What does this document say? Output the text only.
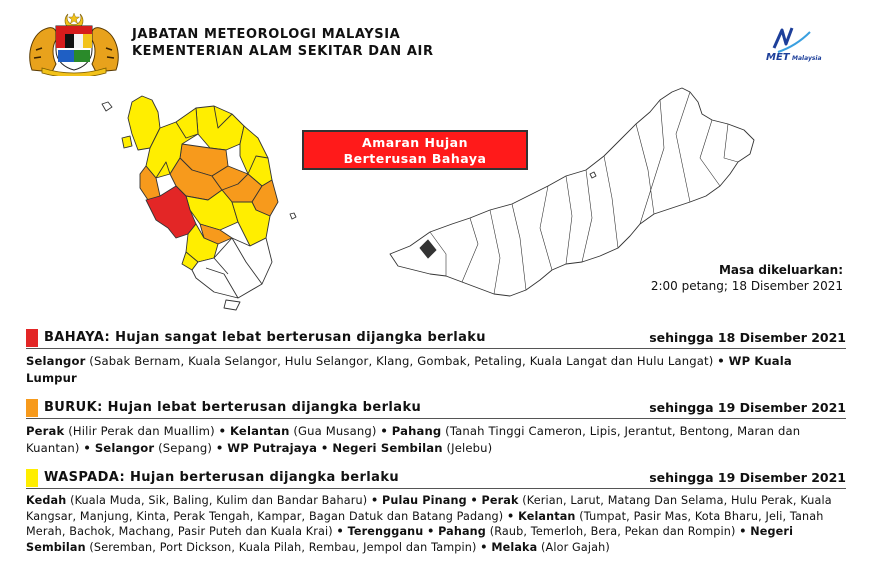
JABATAN METEOROLOGI MALAYSIA
KEMENTERIAN ALAM SEKITAR DAN AIR	MET Malaysia
Amaran Hujan
Berterusan Bahaya
Masa dikeluarkan:
2:00 petang; 18 Disember 2021
BAHAYA: Hujan sangat lebat berterusan dijangka berlaku	sehingga 18 Disember 2021
Selangor (Sabak Bernam, Kuala Selangor, Hulu Selangor, Klang, Gombak, Petaling, Kuala Langat dan Hulu Langat) • WP Kuala Lumpur
BURUK: Hujan lebat berterusan dijangka berlaku	sehingga 19 Disember 2021
Perak (Hilir Perak dan Muallim) • Kelantan (Gua Musang) • Pahang (Tanah Tinggi Cameron, Lipis, Jerantut, Bentong, Maran dan Kuantan) • Selangor (Sepang) • WP Putrajaya • Negeri Sembilan (Jelebu)
WASPADA: Hujan berterusan dijangka berlaku	sehingga 19 Disember 2021
Kedah (Kuala Muda, Sik, Baling, Kulim dan Bandar Baharu) • Pulau Pinang • Perak (Kerian, Larut, Matang Dan Selama, Hulu Perak, Kuala Kangsar, Manjung, Kinta, Perak Tengah, Kampar, Bagan Datuk dan Batang Padang) • Kelantan (Tumpat, Pasir Mas, Kota Bharu, Jeli, Tanah Merah, Bachok, Machang, Pasir Puteh dan Kuala Krai) • Terengganu • Pahang (Raub, Temerloh, Bera, Pekan dan Rompin) • Negeri Sembilan (Seremban, Port Dickson, Kuala Pilah, Rembau, Jempol dan Tampin) • Melaka (Alor Gajah)
